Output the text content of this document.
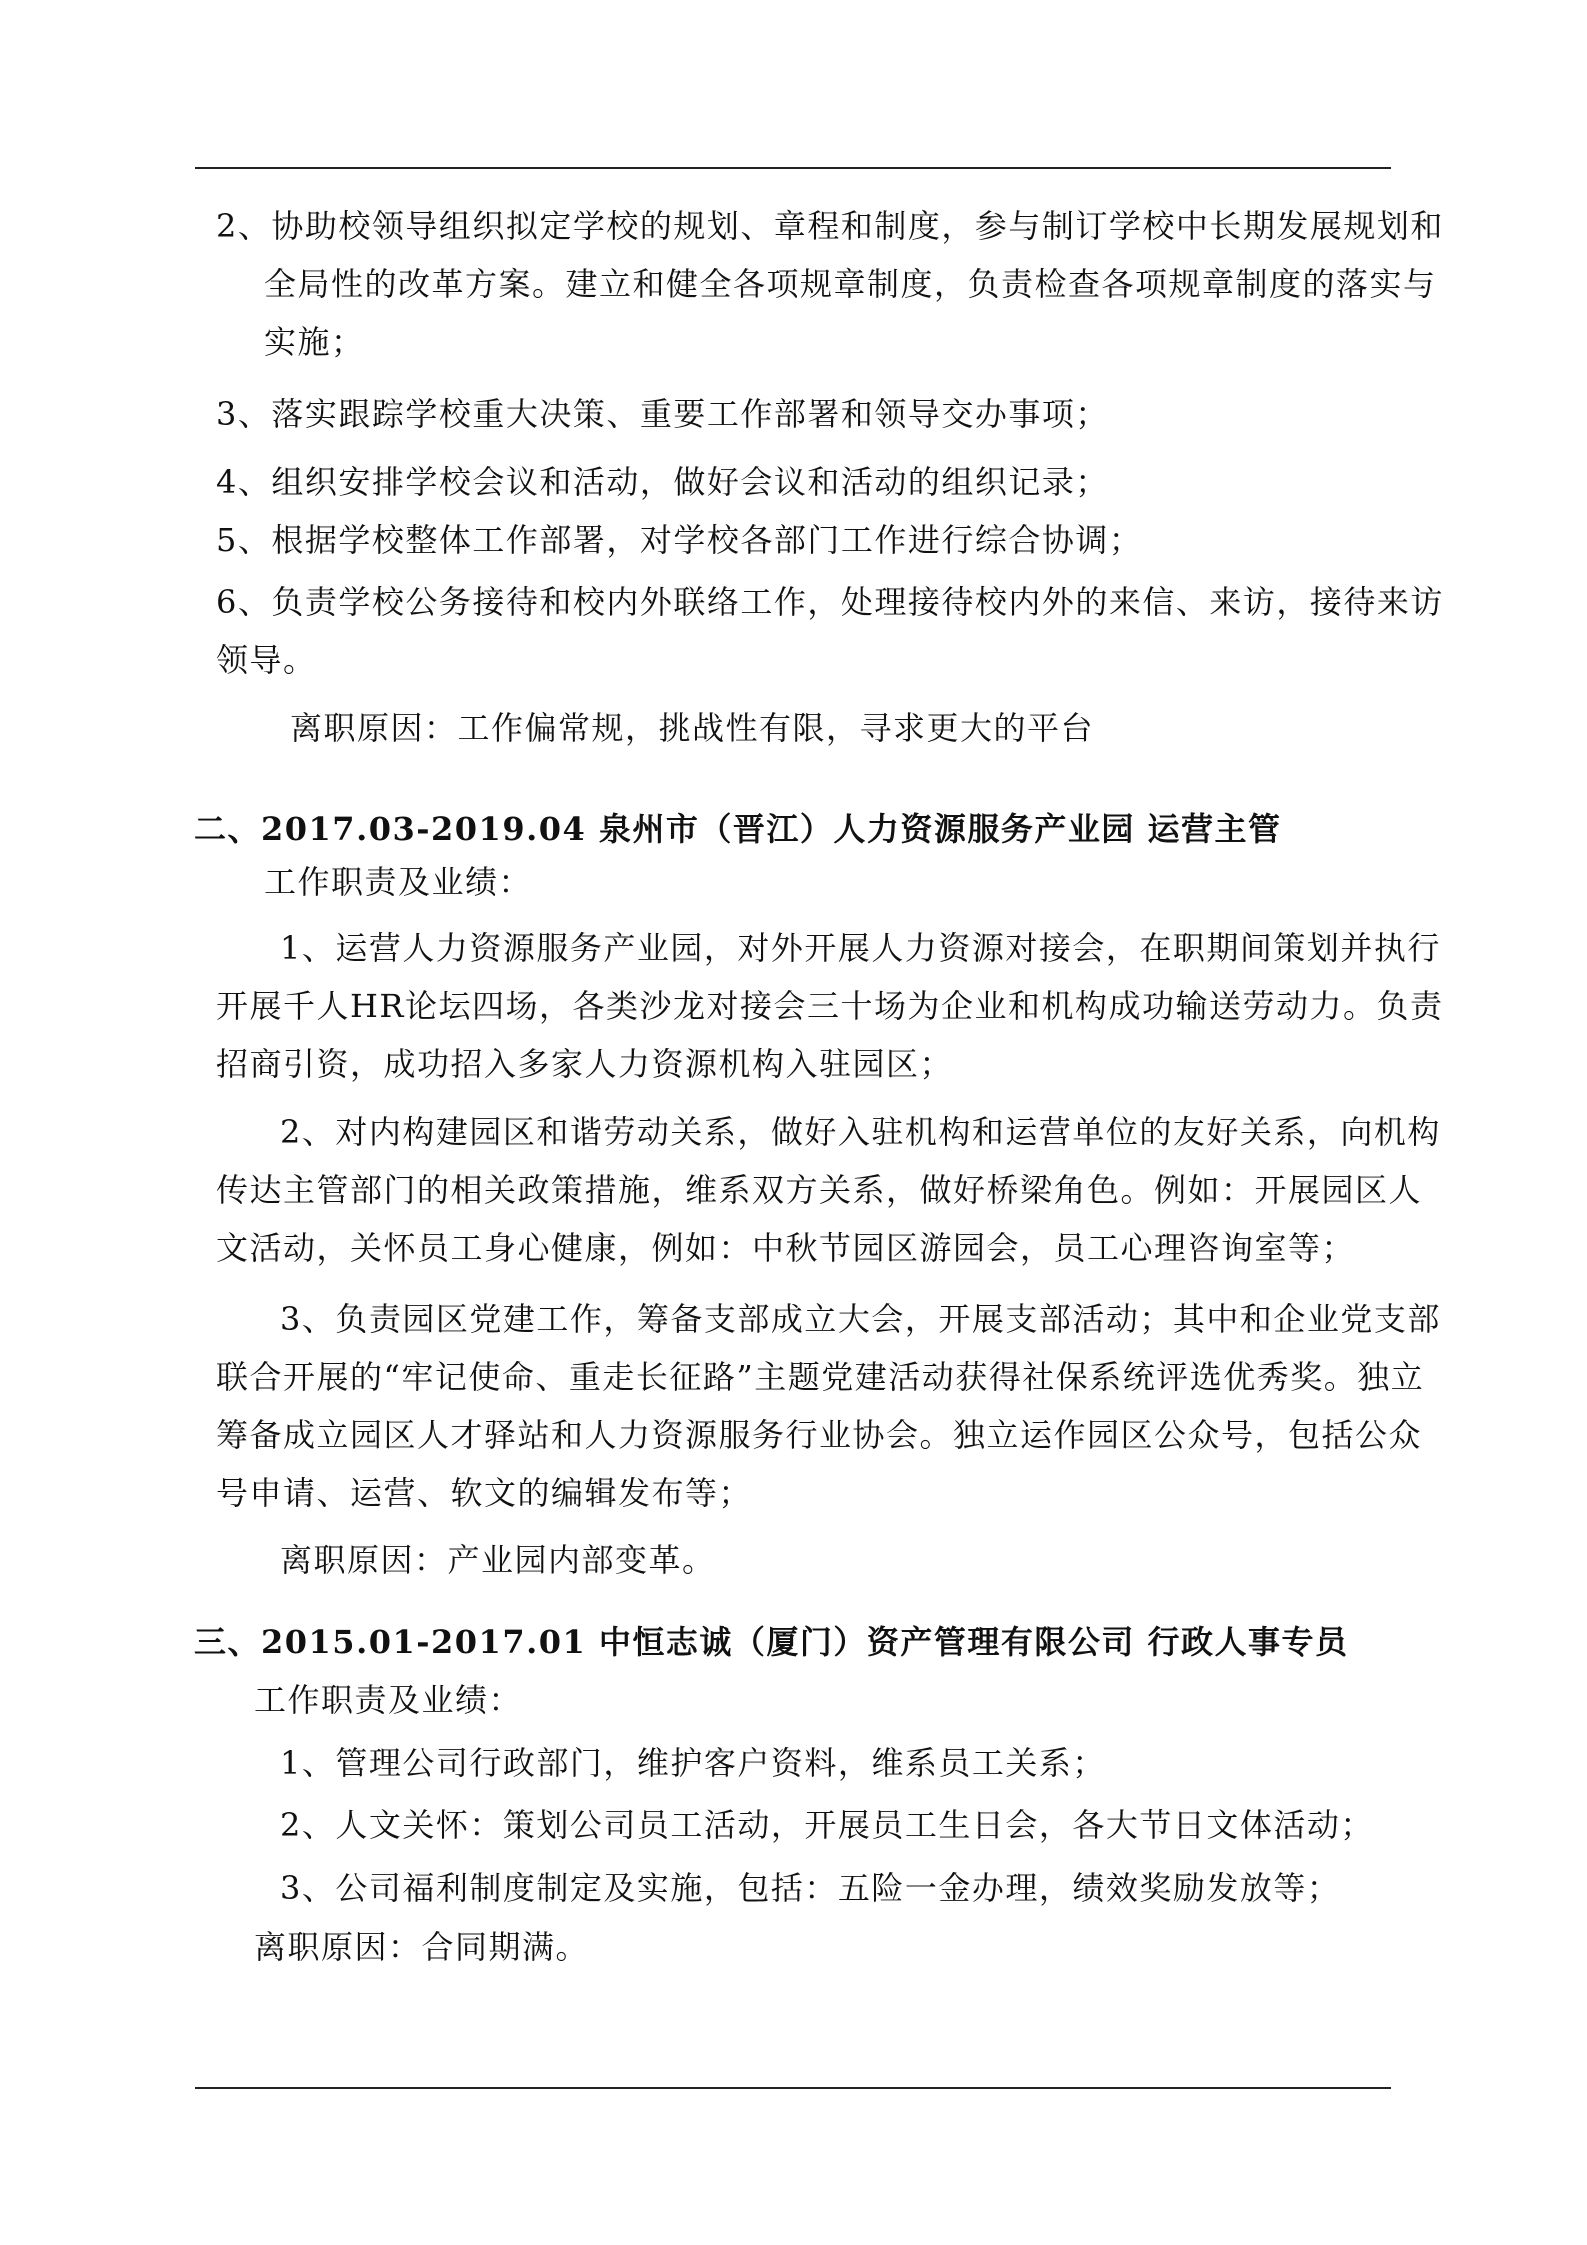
2、协助校领导组织拟定学校的规划、章程和制度，参与制订学校中长期发展规划和
全局性的改革方案。建立和健全各项规章制度，负责检查各项规章制度的落实与
实施；
3、落实跟踪学校重大决策、重要工作部署和领导交办事项；
4、组织安排学校会议和活动，做好会议和活动的组织记录；
5、根据学校整体工作部署，对学校各部门工作进行综合协调；
6、负责学校公务接待和校内外联络工作，处理接待校内外的来信、来访，接待来访
领导。
离职原因：工作偏常规，挑战性有限，寻求更大的平台
二、2017.03-2019.04 泉州市（晋江）人力资源服务产业园 运营主管
工作职责及业绩：
1、运营人力资源服务产业园，对外开展人力资源对接会，在职期间策划并执行
开展千人HR论坛四场，各类沙龙对接会三十场为企业和机构成功输送劳动力。负责
招商引资，成功招入多家人力资源机构入驻园区；
2、对内构建园区和谐劳动关系，做好入驻机构和运营单位的友好关系，向机构
传达主管部门的相关政策措施，维系双方关系，做好桥梁角色。例如：开展园区人
文活动，关怀员工身心健康，例如：中秋节园区游园会，员工心理咨询室等；
3、负责园区党建工作，筹备支部成立大会，开展支部活动；其中和企业党支部
联合开展的“牢记使命、重走长征路”主题党建活动获得社保系统评选优秀奖。独立
筹备成立园区人才驿站和人力资源服务行业协会。独立运作园区公众号，包括公众
号申请、运营、软文的编辑发布等；
离职原因：产业园内部变革。
三、2015.01-2017.01 中恒志诚（厦门）资产管理有限公司 行政人事专员
工作职责及业绩：
1、管理公司行政部门，维护客户资料，维系员工关系；
2、人文关怀：策划公司员工活动，开展员工生日会，各大节日文体活动；
3、公司福利制度制定及实施，包括：五险一金办理，绩效奖励发放等；
离职原因：合同期满。
